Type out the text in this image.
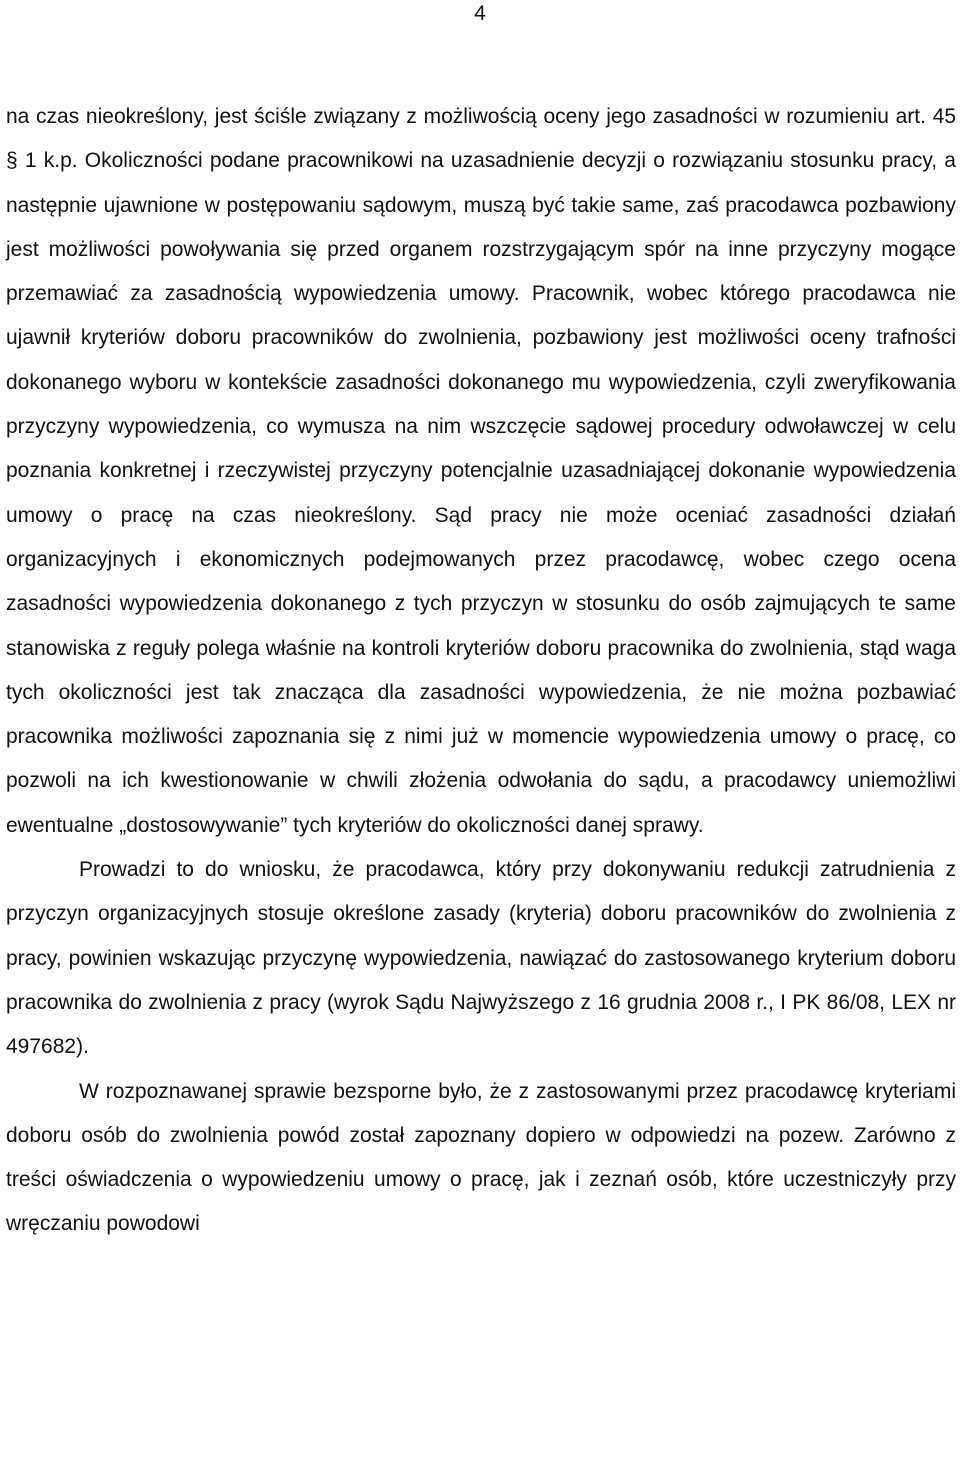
4

na czas nieokreślony, jest ściśle związany z możliwością oceny jego zasadności w rozumieniu art. 45 § 1 k.p. Okoliczności podane pracownikowi na uzasadnienie decyzji o rozwiązaniu stosunku pracy, a następnie ujawnione w postępowaniu sądowym, muszą być takie same, zaś pracodawca pozbawiony jest możliwości powoływania się przed organem rozstrzygającym spór na inne przyczyny mogące przemawiać za zasadnością wypowiedzenia umowy. Pracownik, wobec którego pracodawca nie ujawnił kryteriów doboru pracowników do zwolnienia, pozbawiony jest możliwości oceny trafności dokonanego wyboru w kontekście zasadności dokonanego mu wypowiedzenia, czyli zweryfikowania przyczyny wypowiedzenia, co wymusza na nim wszczęcie sądowej procedury odwoławczej w celu poznania konkretnej i rzeczywistej przyczyny potencjalnie uzasadniającej dokonanie wypowiedzenia umowy o pracę na czas nieokreślony. Sąd pracy nie może oceniać zasadności działań organizacyjnych i ekonomicznych podejmowanych przez pracodawcę, wobec czego ocena zasadności wypowiedzenia dokonanego z tych przyczyn w stosunku do osób zajmujących te same stanowiska z reguły polega właśnie na kontroli kryteriów doboru pracownika do zwolnienia, stąd waga tych okoliczności jest tak znacząca dla zasadności wypowiedzenia, że nie można pozbawiać pracownika możliwości zapoznania się z nimi już w momencie wypowiedzenia umowy o pracę, co pozwoli na ich kwestionowanie w chwili złożenia odwołania do sądu, a pracodawcy uniemożliwi ewentualne „dostosowywanie” tych kryteriów do okoliczności danej sprawy.

Prowadzi to do wniosku, że pracodawca, który przy dokonywaniu redukcji zatrudnienia z przyczyn organizacyjnych stosuje określone zasady (kryteria) doboru pracowników do zwolnienia z pracy, powinien wskazując przyczynę wypowiedzenia, nawiązać do zastosowanego kryterium doboru pracownika do zwolnienia z pracy (wyrok Sądu Najwyższego z 16 grudnia 2008 r., I PK 86/08, LEX nr 497682).

W rozpoznawanej sprawie bezsporne było, że z zastosowanymi przez pracodawcę kryteriami doboru osób do zwolnienia powód został zapoznany dopiero w odpowiedzi na pozew. Zarówno z treści oświadczenia o wypowiedzeniu umowy o pracę, jak i zeznań osób, które uczestniczyły przy wręczaniu powodowi
